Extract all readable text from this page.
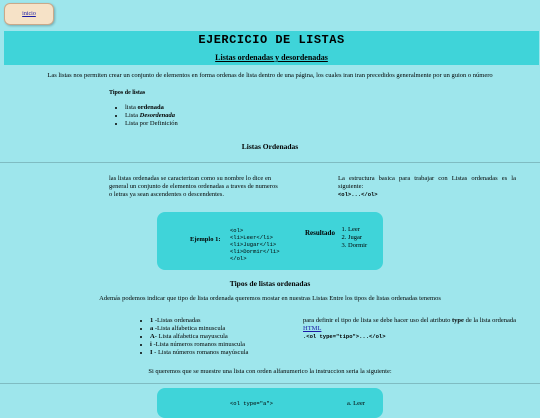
inicio
EJERCICIO DE LISTAS
Listas ordenadas y desordenadas
Las listas nos permiten crear un conjunto de elementos en forma ordenas de lista dentro de una página, los cuales iran iran precedidos generalmente por un guion o número
Tipos de listas
• lista ordenada
• Lista Desordenada
• Lista por Definición
Listas Ordenadas
las listas ordenadas se caracterizan como su nombre lo dice en general un conjunto de elementos ordenadas a traves de numeros o letras ya sean ascendentes o descendentes.
La estructura basica para trabajar con Listas ordenadas es la siguiente:
<ol>...</ol>
Ejemplo 1:
<ol>
<li>Leer</li>
<li>Jugar</li>
<li>Dormir</li>
</ol>
Resultado 1. Leer
2. Jugar
3. Dormir
Tipos de listas ordenadas
Además podemos indicar que tipo de lista ordenada queremos mostar en nuestras Listas Entre los tipos de listas ordenadas tenemos
• 1 -Listas ordenadas
• a -Lista alfabetica minuscula
• A- Lista alfabetica mayuscula
• i -Lista números romanos minuscula
• I - Lista números romanos mayúscula
para definir el tipo de lista se debe hacer uso del atributo type de la lista ordenada HTML
.<ol type="tipo">...</ol>
Si queremos que se muestre una lista con orden alfanumerico la instruccion seria la siguiente:
<ol type="a">	a. Leer
